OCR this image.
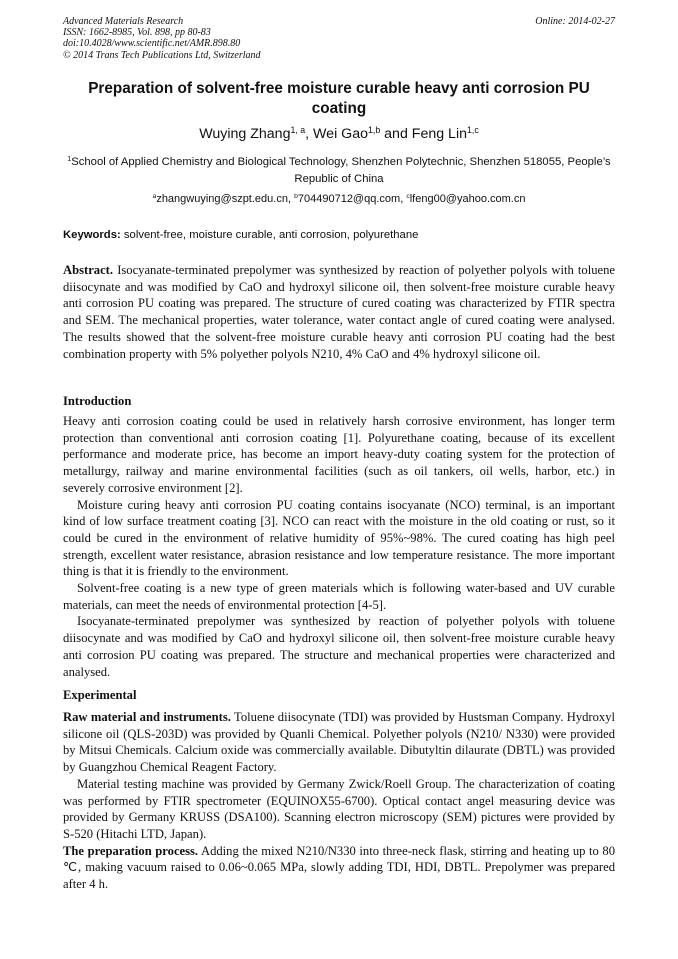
Advanced Materials Research
ISSN: 1662-8985, Vol. 898, pp 80-83
doi:10.4028/www.scientific.net/AMR.898.80
© 2014 Trans Tech Publications Ltd, Switzerland
Online: 2014-02-27
Preparation of solvent-free moisture curable heavy anti corrosion PU coating
Wuying Zhang$^{1, a}$, Wei Gao$^{1,b}$ and Feng Lin$^{1,c}$
$^1$School of Applied Chemistry and Biological Technology, Shenzhen Polytechnic, Shenzhen 518055, People’s Republic of China
$^a$zhangwuying@szpt.edu.cn, $^b$704490712@qq.com, $^c$lfeng00@yahoo.com.cn
Keywords: solvent-free, moisture curable, anti corrosion, polyurethane

Abstract. Isocyanate-terminated prepolymer was synthesized by reaction of polyether polyols with toluene diisocynate and was modified by CaO and hydroxyl silicone oil, then solvent-free moisture curable heavy anti corrosion PU coating was prepared. The structure of cured coating was characterized by FTIR spectra and SEM. The mechanical properties, water tolerance, water contact angle of cured coating were analysed. The results showed that the solvent-free moisture curable heavy anti corrosion PU coating had the best combination property with 5% polyether polyols N210, 4% CaO and 4% hydroxyl silicone oil.

Introduction

Heavy anti corrosion coating could be used in relatively harsh corrosive environment, has longer term protection than conventional anti corrosion coating [1]. Polyurethane coating, because of its excellent performance and moderate price, has become an import heavy-duty coating system for the protection of metallurgy, railway and marine environmental facilities (such as oil tankers, oil wells, harbor, etc.) in severely corrosive environment [2].

Moisture curing heavy anti corrosion PU coating contains isocyanate (NCO) terminal, is an important kind of low surface treatment coating [3]. NCO can react with the moisture in the old coating or rust, so it could be cured in the environment of relative humidity of 95%~98%. The cured coating has high peel strength, excellent water resistance, abrasion resistance and low temperature resistance. The more important thing is that it is friendly to the environment.

Solvent-free coating is a new type of green materials which is following water-based and UV curable materials, can meet the needs of environmental protection [4-5].

Isocyanate-terminated prepolymer was synthesized by reaction of polyether polyols with toluene diisocynate and was modified by CaO and hydroxyl silicone oil, then solvent-free moisture curable heavy anti corrosion PU coating was prepared. The structure and mechanical properties were characterized and analysed.

Experimental

Raw material and instruments. Toluene diisocynate (TDI) was provided by Hustsman Company. Hydroxyl silicone oil (QLS-203D) was provided by Quanli Chemical. Polyether polyols (N210/ N330) were provided by Mitsui Chemicals. Calcium oxide was commercially available. Dibutyltin dilaurate (DBTL) was provided by Guangzhou Chemical Reagent Factory.

Material testing machine was provided by Germany Zwick/Roell Group. The characterization of coating was performed by FTIR spectrometer (EQUINOX55-6700). Optical contact angel measuring device was provided by Germany KRUSS (DSA100). Scanning electron microscopy (SEM) pictures were provided by S-520 (Hitachi LTD, Japan).

The preparation process. Adding the mixed N210/N330 into three-neck flask, stirring and heating up to 80 ℃, making vacuum raised to 0.06~0.065 MPa, slowly adding TDI, HDI, DBTL. Prepolymer was prepared after 4 h.
